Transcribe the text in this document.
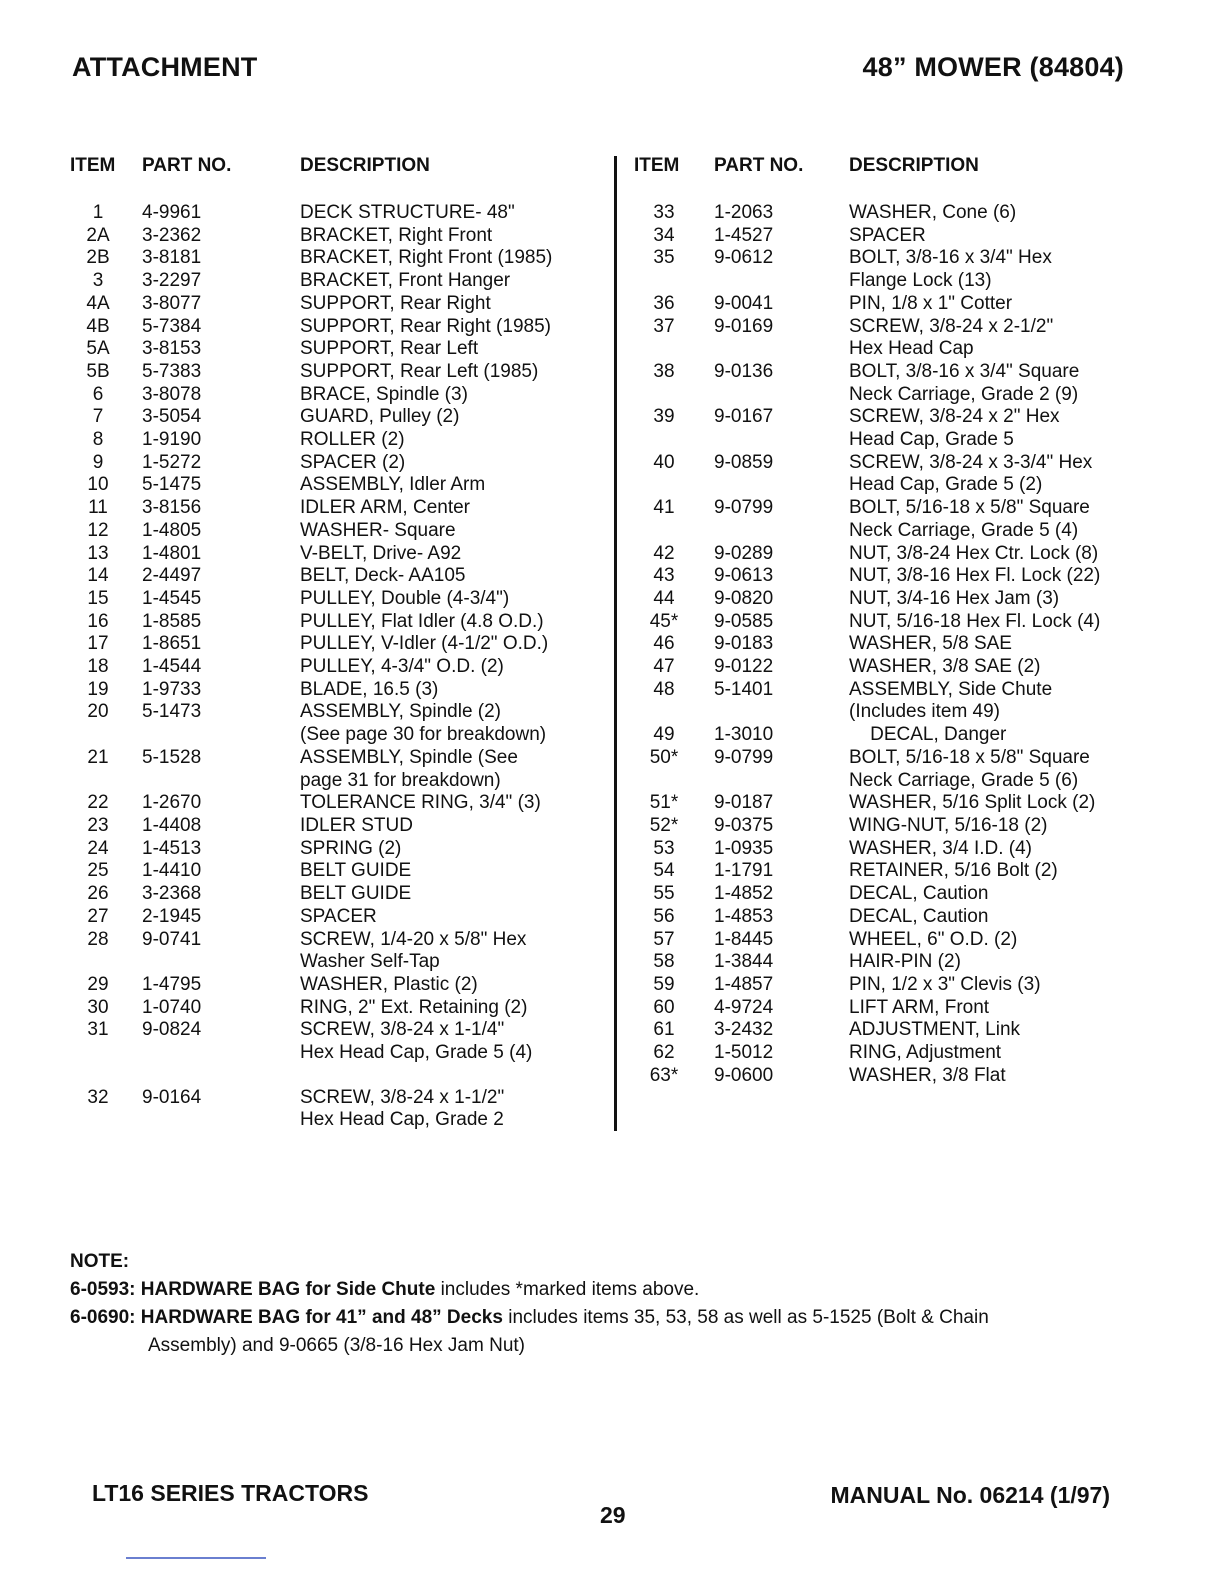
ATTACHMENT	48” MOWER (84804)
ITEM	PART NO.	DESCRIPTION
1	4-9961	DECK STRUCTURE- 48"
2A	3-2362	BRACKET, Right Front
2B	3-8181	BRACKET, Right Front (1985)
3	3-2297	BRACKET, Front Hanger
4A	3-8077	SUPPORT, Rear Right
4B	5-7384	SUPPORT, Rear Right (1985)
5A	3-8153	SUPPORT, Rear Left
5B	5-7383	SUPPORT, Rear Left (1985)
6	3-8078	BRACE, Spindle (3)
7	3-5054	GUARD, Pulley (2)
8	1-9190	ROLLER (2)
9	1-5272	SPACER (2)
10	5-1475	ASSEMBLY, Idler Arm
11	3-8156	IDLER ARM, Center
12	1-4805	WASHER- Square
13	1-4801	V-BELT, Drive- A92
14	2-4497	BELT, Deck- AA105
15	1-4545	PULLEY, Double (4-3/4")
16	1-8585	PULLEY, Flat Idler (4.8 O.D.)
17	1-8651	PULLEY, V-Idler (4-1/2" O.D.)
18	1-4544	PULLEY, 4-3/4" O.D. (2)
19	1-9733	BLADE, 16.5 (3)
20	5-1473	ASSEMBLY, Spindle (2)
(See page 30 for breakdown)
21	5-1528	ASSEMBLY, Spindle (See
page 31 for breakdown)
22	1-2670	TOLERANCE RING, 3/4" (3)
23	1-4408	IDLER STUD
24	1-4513	SPRING (2)
25	1-4410	BELT GUIDE
26	3-2368	BELT GUIDE
27	2-1945	SPACER
28	9-0741	SCREW, 1/4-20 x 5/8" Hex
Washer Self-Tap
29	1-4795	WASHER, Plastic (2)
30	1-0740	RING, 2" Ext. Retaining (2)
31	9-0824	SCREW, 3/8-24 x 1-1/4"
Hex Head Cap, Grade 5 (4)
32	9-0164	SCREW, 3/8-24 x 1-1/2"
Hex Head Cap, Grade 2
ITEM	PART NO.	DESCRIPTION
33	1-2063	WASHER, Cone (6)
34	1-4527	SPACER
35	9-0612	BOLT, 3/8-16 x 3/4" Hex
Flange Lock (13)
36	9-0041	PIN, 1/8 x 1" Cotter
37	9-0169	SCREW, 3/8-24 x 2-1/2"
Hex Head Cap
38	9-0136	BOLT, 3/8-16 x 3/4" Square
Neck Carriage, Grade 2 (9)
39	9-0167	SCREW, 3/8-24 x 2" Hex
Head Cap, Grade 5
40	9-0859	SCREW, 3/8-24 x 3-3/4" Hex
Head Cap, Grade 5 (2)
41	9-0799	BOLT, 5/16-18 x 5/8" Square
Neck Carriage, Grade 5 (4)
42	9-0289	NUT, 3/8-24 Hex Ctr. Lock (8)
43	9-0613	NUT, 3/8-16 Hex Fl. Lock (22)
44	9-0820	NUT, 3/4-16 Hex Jam (3)
45*	9-0585	NUT, 5/16-18 Hex Fl. Lock (4)
46	9-0183	WASHER, 5/8 SAE
47	9-0122	WASHER, 3/8 SAE (2)
48	5-1401	ASSEMBLY, Side Chute
(Includes item 49)
49	1-3010	DECAL, Danger
50*	9-0799	BOLT, 5/16-18 x 5/8" Square
Neck Carriage, Grade 5 (6)
51*	9-0187	WASHER, 5/16 Split Lock (2)
52*	9-0375	WING-NUT, 5/16-18 (2)
53	1-0935	WASHER, 3/4 I.D. (4)
54	1-1791	RETAINER, 5/16 Bolt (2)
55	1-4852	DECAL, Caution
56	1-4853	DECAL, Caution
57	1-8445	WHEEL, 6" O.D. (2)
58	1-3844	HAIR-PIN (2)
59	1-4857	PIN, 1/2 x 3" Clevis (3)
60	4-9724	LIFT ARM, Front
61	3-2432	ADJUSTMENT, Link
62	1-5012	RING, Adjustment
63*	9-0600	WASHER, 3/8 Flat
NOTE:
6-0593: HARDWARE BAG for Side Chute includes *marked items above.
6-0690: HARDWARE BAG for 41” and 48” Decks includes items 35, 53, 58 as well as 5-1525 (Bolt & Chain
Assembly) and 9-0665 (3/8-16 Hex Jam Nut)
LT16 SERIES TRACTORS
29
MANUAL No. 06214 (1/97)
